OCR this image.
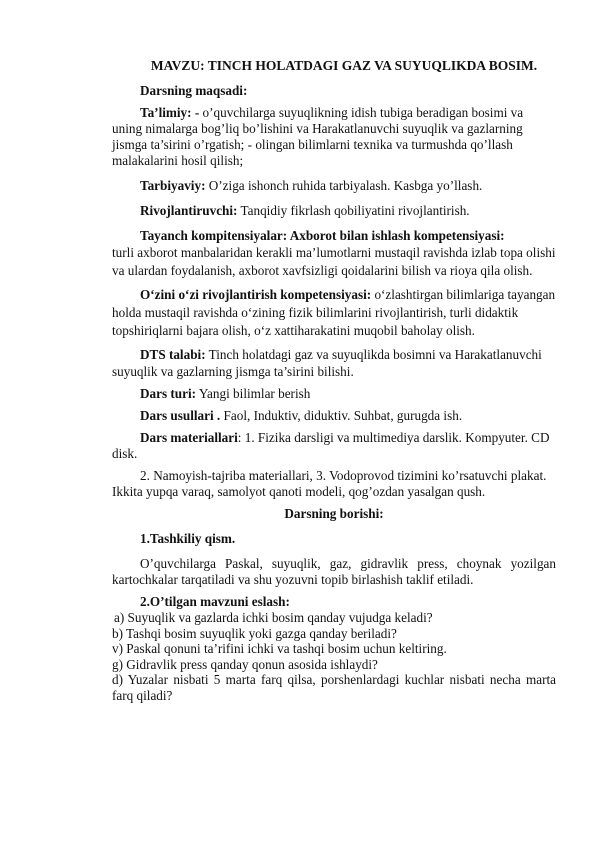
MAVZU: TINCH HOLATDAGI GAZ VA SUYUQLIKDA BOSIM.

Darsning maqsadi:

Ta’limiy: - o’quvchilarga suyuqlikning idish tubiga beradigan bosimi va uning nimalarga bog’liq bo’lishini va Harakatlanuvchi suyuqlik va gazlarning jismga ta’sirini o’rgatish; - olingan bilimlarni texnika va turmushda qo’llash malakalarini hosil qilish;

Tarbiyaviy: O’ziga ishonch ruhida tarbiyalash. Kasbga yo’llash.

Rivojlantiruvchi: Tanqidiy fikrlash qobiliyatini rivojlantirish.

Tayanch kompitensiyalar: Axborot bilan ishlash kompetensiyasi:

turli axborot manbalaridan kerakli ma’lumotlarni mustaqil ravishda izlab topa olishi va ulardan foydalanish, axborot xavfsizligi qoidalarini bilish va rioya qila olish.

O‘zini o‘zi rivojlantirish kompetensiyasi: o‘zlashtirgan bilimlariga tayangan holda mustaqil ravishda o‘zining fizik bilimlarini rivojlantirish, turli didaktik topshiriqlarni bajara olish, o‘z xattiharakatini muqobil baholay olish.

DTS talabi: Tinch holatdagi gaz va suyuqlikda bosimni va Harakatlanuvchi suyuqlik va gazlarning jismga ta’sirini bilishi.

Dars turi: Yangi bilimlar berish

Dars usullari . Faol, Induktiv, diduktiv. Suhbat, gurugda ish.

Dars materiallari: 1. Fizika darsligi va multimediya darslik. Kompyuter. CD disk.

2. Namoyish-tajriba materiallari, 3. Vodoprovod tizimini ko’rsatuvchi plakat. Ikkita yupqa varaq, samolyot qanoti modeli, qog’ozdan yasalgan qush.

Darsning borishi:

1.Tashkiliy qism.

O’quvchilarga Paskal, suyuqlik, gaz, gidravlik press, choynak yozilgan kartochkalar tarqatiladi va shu yozuvni topib birlashish taklif etiladi.

2.O’tilgan mavzuni eslash:

a) Suyuqlik va gazlarda ichki bosim qanday vujudga keladi?

b) Tashqi bosim suyuqlik yoki gazga qanday beriladi?

v) Paskal qonuni ta’rifini ichki va tashqi bosim uchun keltiring.

g) Gidravlik press qanday qonun asosida ishlaydi?

d) Yuzalar nisbati 5 marta farq qilsa, porshenlardagi kuchlar nisbati necha marta farq qiladi?
